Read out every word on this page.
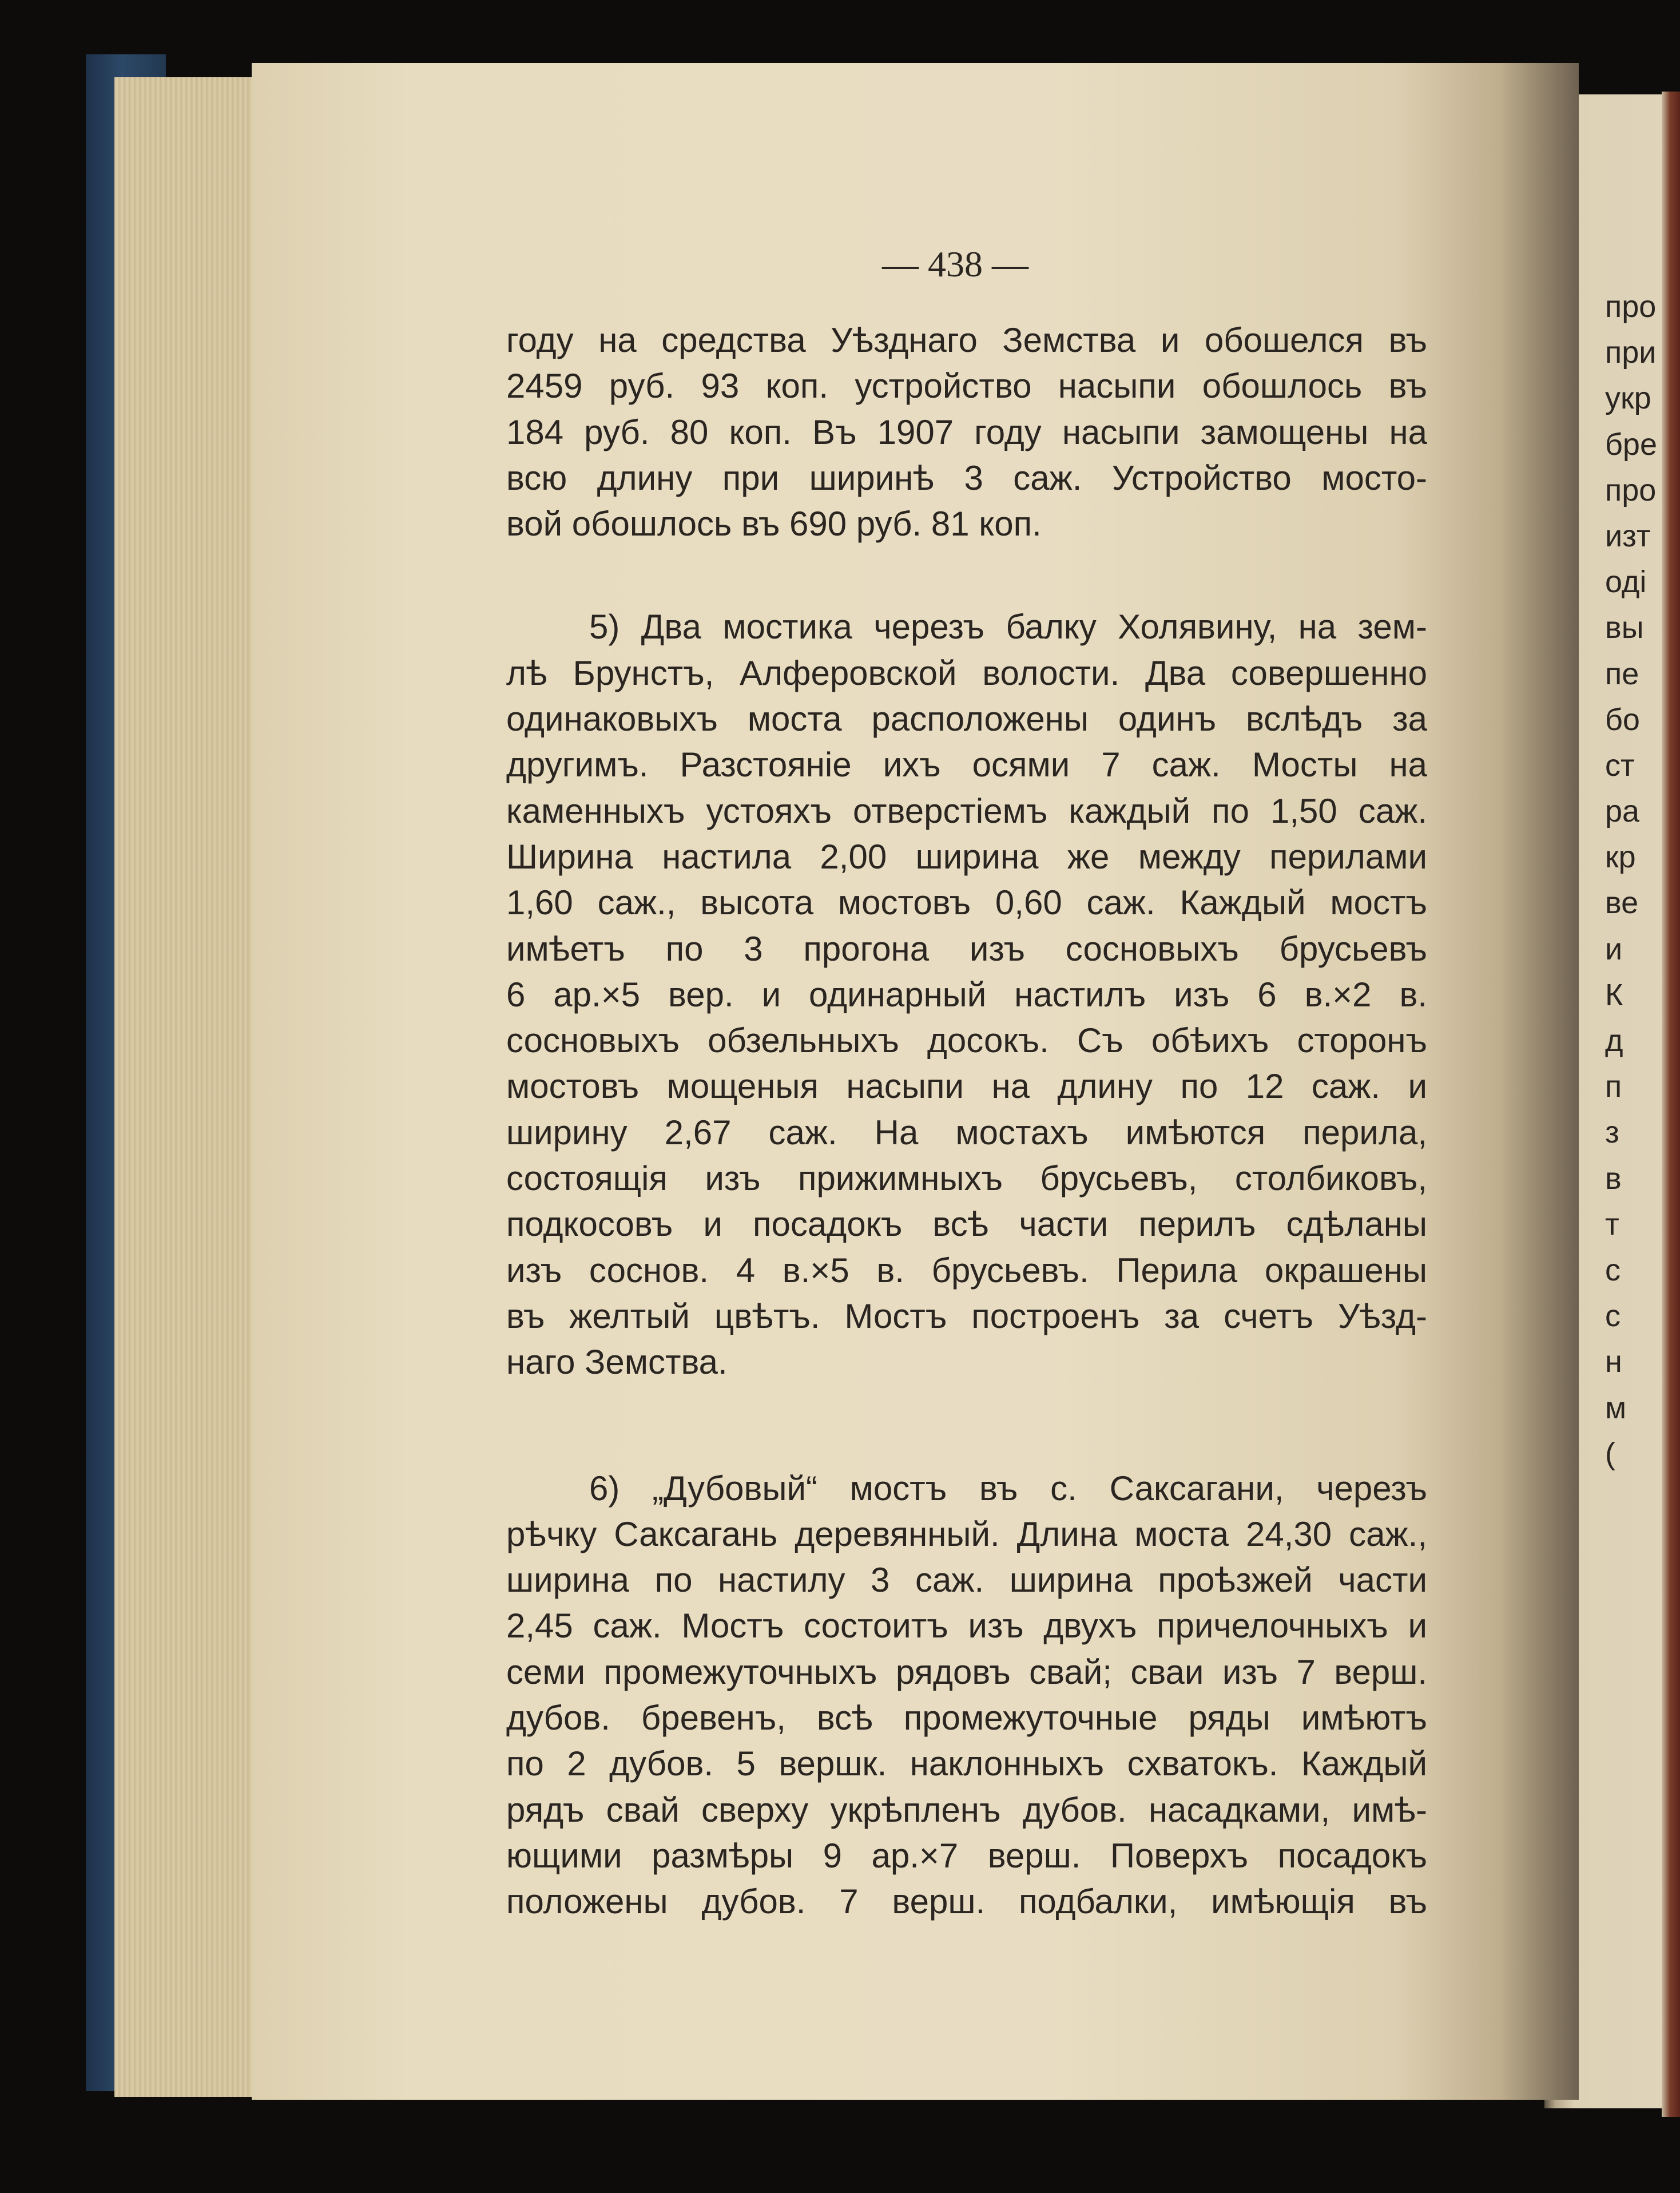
— 438 —
году на средства Уѣзднаго Земства и обошелся въ
2459 руб. 93 коп. устройство насыпи обошлось въ
184 руб. 80 коп. Въ 1907 году насыпи замощены на
всю длину при ширинѣ 3 саж. Устройство мосто-
вой обошлось въ 690 руб. 81 коп.
5) Два мостика черезъ балку Холявину, на зем-
лѣ Брунстъ, Алферовской волости. Два совершенно
одинаковыхъ моста расположены одинъ вслѣдъ за
другимъ. Разстояніе ихъ осями 7 саж. Мосты на
каменныхъ устояхъ отверстіемъ каждый по 1,50 саж.
Ширина настила 2,00 ширина же между перилами
1,60 саж., высота мостовъ 0,60 саж. Каждый мостъ
имѣетъ по 3 прогона изъ сосновыхъ брусьевъ
6 ар.×5 вер. и одинарный настилъ изъ 6 в.×2 в.
сосновыхъ обзельныхъ досокъ. Съ обѣихъ сторонъ
мостовъ мощеныя насыпи на длину по 12 саж. и
ширину 2,67 саж. На мостахъ имѣются перила,
состоящія изъ прижимныхъ брусьевъ, столбиковъ,
подкосовъ и посадокъ всѣ части перилъ сдѣланы
изъ соснов. 4 в.×5 в. брусьевъ. Перила окрашены
въ желтый цвѣтъ. Мостъ построенъ за счетъ Уѣзд-
наго Земства.
6) „Дубовый“ мостъ въ с. Саксагани, черезъ
рѣчку Саксагань деревянный. Длина моста 24,30 саж.,
ширина по настилу 3 саж. ширина проѣзжей части
2,45 саж. Мостъ состоитъ изъ двухъ причелочныхъ и
семи промежуточныхъ рядовъ свай; сваи изъ 7 верш.
дубов. бревенъ, всѣ промежуточные ряды имѣютъ
по 2 дубов. 5 вершк. наклонныхъ схватокъ. Каждый
рядъ свай сверху укрѣпленъ дубов. насадками, имѣ-
ющими размѣры 9 ар.×7 верш. Поверхъ посадокъ
положены дубов. 7 верш. подбалки, имѣющія въ
про
при
укр
бре
про
изт
оді
вы
пе
бо
ст
ра
кр
ве
и
К
д
п
з
в
т
с
с
н
м
(
